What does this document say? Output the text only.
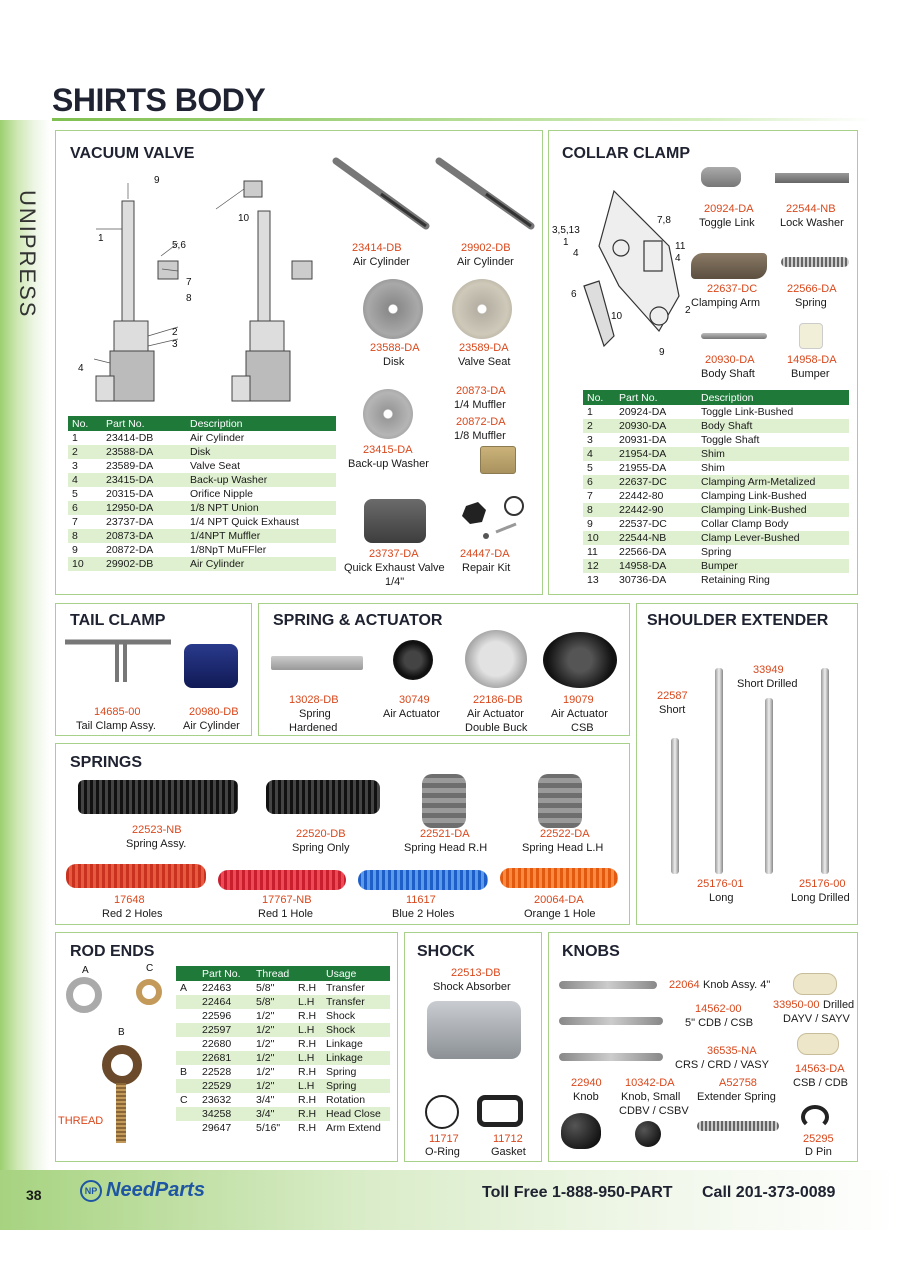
UNIPRESS
SHIRTS BODY
VACUUM VALVE
9
10
1
5,6
7
8
2
3
4
No.	Part No.	Description
1	23414-DB	Air Cylinder
2	23588-DA	Disk
3	23589-DA	Valve Seat
4	23415-DA	Back-up Washer
5	20315-DA	Orifice Nipple
6	12950-DA	1/8 NPT Union
7	23737-DA	1/4 NPT Quick Exhaust
8	20873-DA	1/4NPT Muffler
9	20872-DA	1/8NpT MuFFler
10	29902-DB	Air Cylinder
23414-DB
Air Cylinder
29902-DB
Air Cylinder
23588-DA
Disk
23589-DA
Valve Seat
20873-DA
1/4 Muffler
20872-DA
1/8 Muffler
23415-DA
Back-up Washer
23737-DA
Quick Exhaust Valve
1/4"
24447-DA
Repair Kit
COLLAR CLAMP
3,5,13
7,8
1
4
11
4
6
10
2
9
20924-DA
Toggle Link
22544-NB
Lock Washer
22637-DC
Clamping Arm
22566-DA
Spring
20930-DA
Body Shaft
14958-DA
Bumper
No.	Part No.	Description
1	20924-DA	Toggle Link-Bushed
2	20930-DA	Body Shaft
3	20931-DA	Toggle Shaft
4	21954-DA	Shim
5	21955-DA	Shim
6	22637-DC	Clamping Arm-Metalized
7	22442-80	Clamping Link-Bushed
8	22442-90	Clamping Link-Bushed
9	22537-DC	Collar Clamp Body
10	22544-NB	Clamp Lever-Bushed
11	22566-DA	Spring
12	14958-DA	Bumper
13	30736-DA	Retaining Ring
TAIL CLAMP
14685-00
Tail Clamp Assy.
20980-DB
Air Cylinder
SPRING & ACTUATOR
13028-DB
Spring
Hardened
30749
Air Actuator
22186-DB
Air Actuator
Double Buck
19079
Air Actuator
CSB
SHOULDER EXTENDER
22587
Short
33949
Short Drilled
25176-01
Long
25176-00
Long Drilled
SPRINGS
22523-NB
Spring Assy.
22520-DB
Spring Only
22521-DA
Spring Head R.H
22522-DA
Spring Head L.H
17648
Red 2 Holes
17767-NB
Red 1 Hole
11617
Blue 2 Holes
20064-DA
Orange 1 Hole
ROD ENDS
A	C
B
THREAD
	Part No.	Thread		Usage
A	22463	5/8"	R.H	Transfer
	22464	5/8"	L.H	Transfer
	22596	1/2"	R.H	Shock
	22597	1/2"	L.H	Shock
	22680	1/2"	R.H	Linkage
	22681	1/2"	L.H	Linkage
B	22528	1/2"	R.H	Spring
	22529	1/2"	L.H	Spring
C	23632	3/4"	R.H	Rotation
	34258	3/4"	R.H	Head Close
	29647	5/16"	R.H	Arm Extend
SHOCK
22513-DB
Shock Absorber
11717
O-Ring
11712
Gasket
KNOBS
22064 Knob Assy. 4"
33950-00 Drilled
DAYV / SAYV
14562-00
5" CDB / CSB
36535-NA
CRS / CRD / VASY 14563-DA
CSB / CDB
22940
Knob
10342-DA
Knob, Small
CDBV / CSBV
A52758
Extender Spring
25295
D Pin
38	NP NeedParts	Toll Free 1-888-950-PART Call 201-373-0089
